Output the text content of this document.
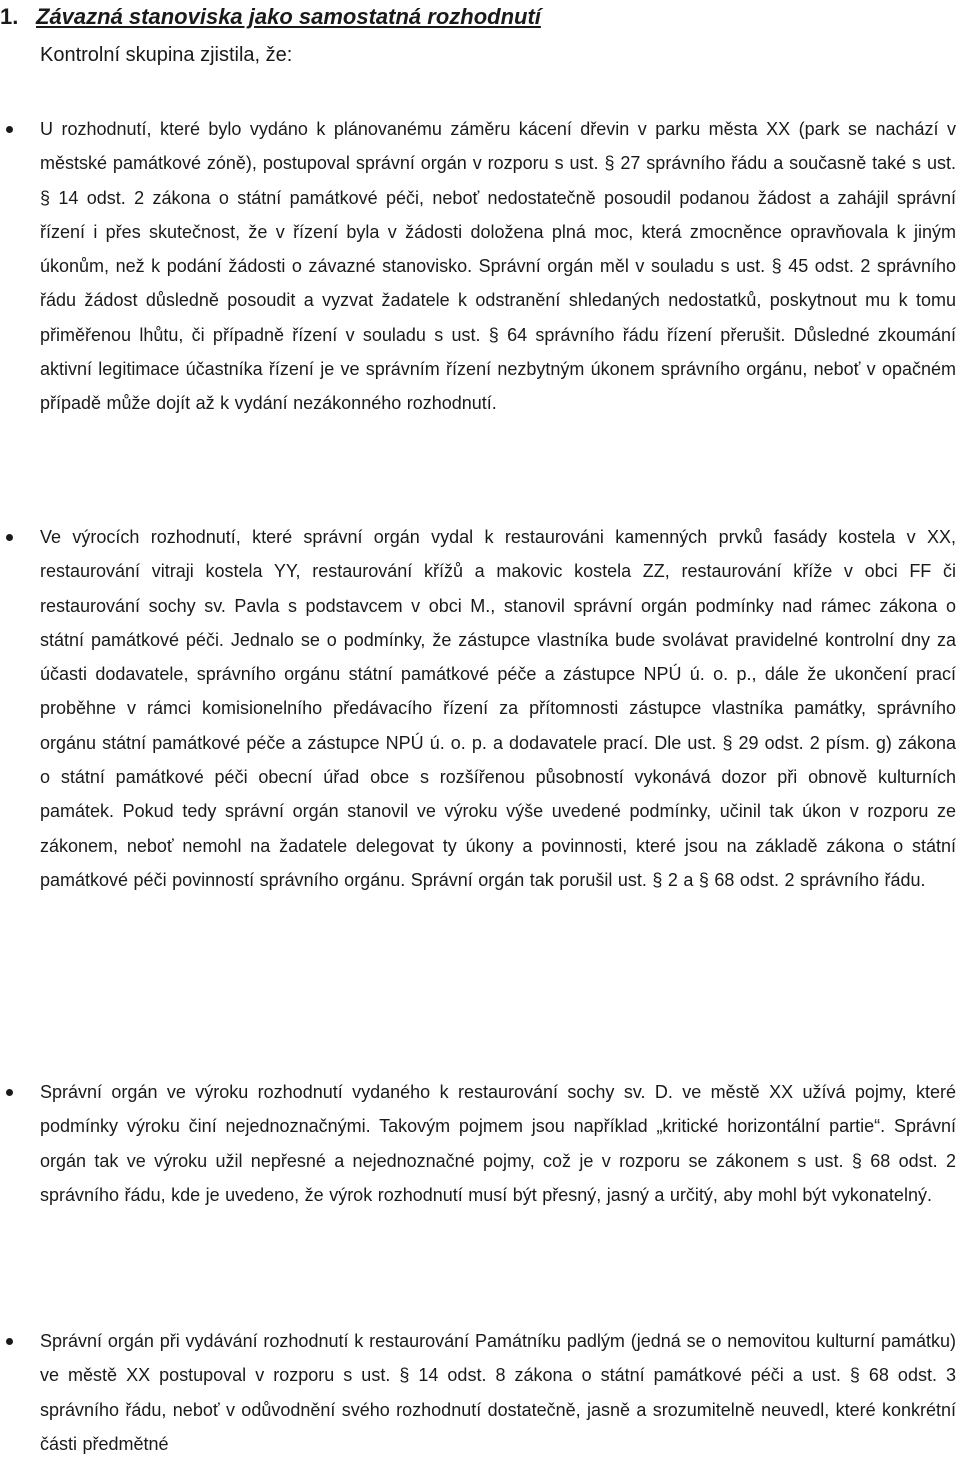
1. Závazná stanoviska jako samostatná rozhodnutí
Kontrolní skupina zjistila, že:

U rozhodnutí, které bylo vydáno k plánovanému záměru kácení dřevin v parku města XX (park se nachází v městské památkové zóně), postupoval správní orgán v rozporu s ust. § 27 správního řádu a současně také s ust. § 14 odst. 2 zákona o státní památkové péči, neboť nedostatečně posoudil podanou žádost a zahájil správní řízení i přes skutečnost, že v řízení byla v žádosti doložena plná moc, která zmocněnce opravňovala k jiným úkonům, než k podání žádosti o závazné stanovisko. Správní orgán měl v souladu s ust. § 45 odst. 2 správního řádu žádost důsledně posoudit a vyzvat žadatele k odstranění shledaných nedostatků, poskytnout mu k tomu přiměřenou lhůtu, či případně řízení v souladu s ust. § 64 správního řádu řízení přerušit. Důsledné zkoumání aktivní legitimace účastníka řízení je ve správním řízení nezbytným úkonem správního orgánu, neboť v opačném případě může dojít až k vydání nezákonného rozhodnutí.

Ve výrocích rozhodnutí, které správní orgán vydal k restaurováni kamenných prvků fasády kostela v XX, restaurování vitraji kostela YY, restaurování křížů a makovic kostela ZZ, restaurování kříže v obci FF či restaurování sochy sv. Pavla s podstavcem v obci M., stanovil správní orgán podmínky nad rámec zákona o státní památkové péči. Jednalo se o podmínky, že zástupce vlastníka bude svolávat pravidelné kontrolní dny za účasti dodavatele, správního orgánu státní památkové péče a zástupce NPÚ ú. o. p., dále že ukončení prací proběhne v rámci komisionelního předávacího řízení za přítomnosti zástupce vlastníka památky, správního orgánu státní památkové péče a zástupce NPÚ ú. o. p. a dodavatele prací. Dle ust. § 29 odst. 2 písm. g) zákona o státní památkové péči obecní úřad obce s rozšířenou působností vykonává dozor při obnově kulturních památek. Pokud tedy správní orgán stanovil ve výroku výše uvedené podmínky, učinil tak úkon v rozporu ze zákonem, neboť nemohl na žadatele delegovat ty úkony a povinnosti, které jsou na základě zákona o státní památkové péči povinností správního orgánu. Správní orgán tak porušil ust. § 2 a § 68 odst. 2 správního řádu.

Správní orgán ve výroku rozhodnutí vydaného k restaurování sochy sv. D. ve městě XX užívá pojmy, které podmínky výroku činí nejednoznačnými. Takovým pojmem jsou například „kritické horizontální partie“. Správní orgán tak ve výroku užil nepřesné a nejednoznačné pojmy, což je v rozporu se zákonem s ust. § 68 odst. 2 správního řádu, kde je uvedeno, že výrok rozhodnutí musí být přesný, jasný a určitý, aby mohl být vykonatelný.

Správní orgán při vydávání rozhodnutí k restaurování Památníku padlým (jedná se o nemovitou kulturní památku) ve městě XX postupoval v rozporu s ust. § 14 odst. 8 zákona o státní památkové péči a ust. § 68 odst. 3 správního řádu, neboť v odůvodnění svého rozhodnutí dostatečně, jasně a srozumitelně neuvedl, které konkrétní části předmětné
